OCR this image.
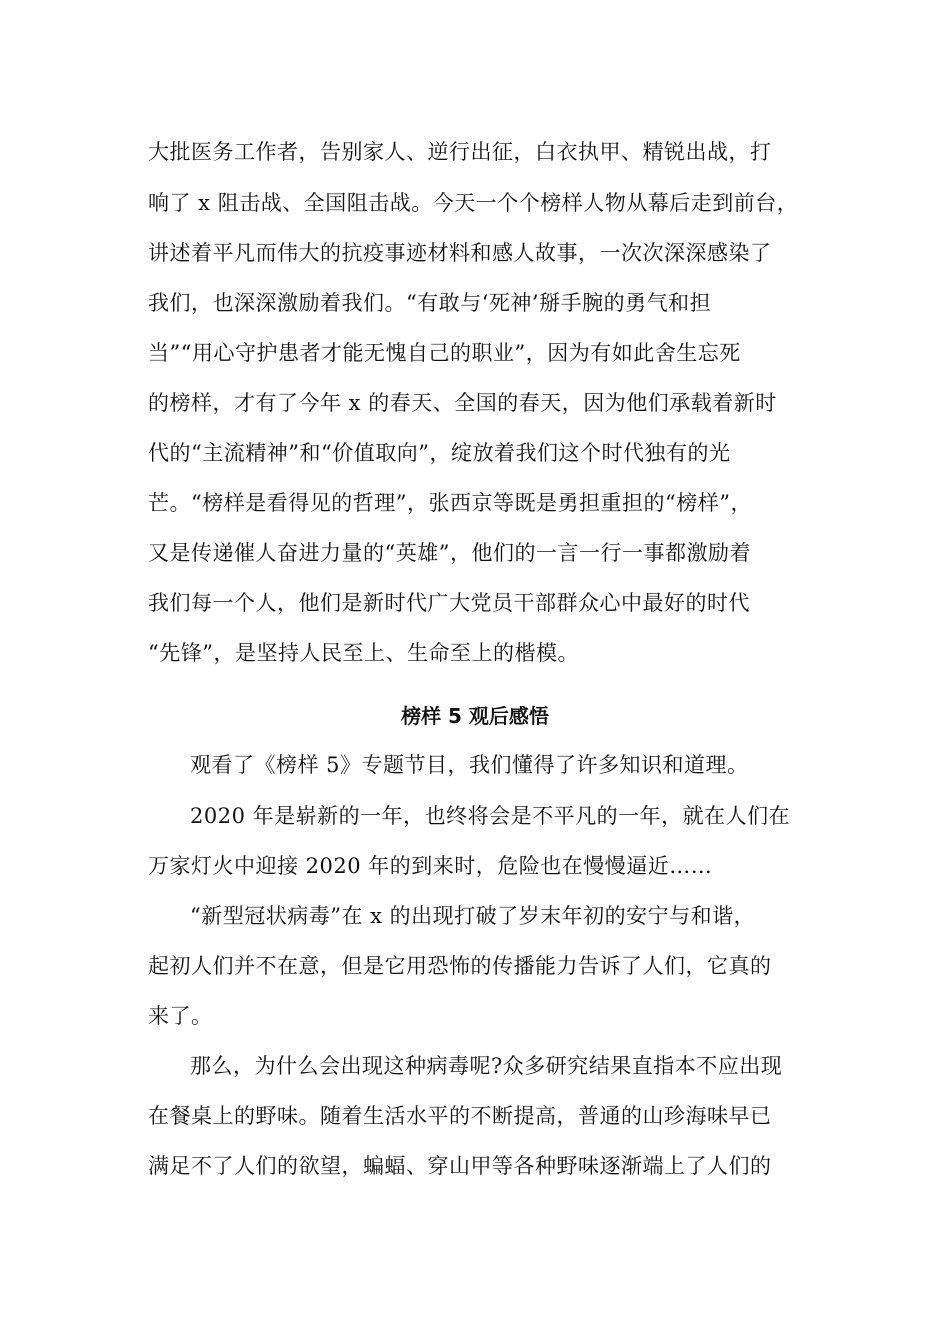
大批医务工作者，告别家人、逆行出征，白衣执甲、精锐出战，打
响了 x 阻击战、全国阻击战。今天一个个榜样人物从幕后走到前台，
讲述着平凡而伟大的抗疫事迹材料和感人故事，一次次深深感染了
我们，也深深激励着我们。“有敢与‘死神’掰手腕的勇气和担
当”“用心守护患者才能无愧自己的职业”，因为有如此舍生忘死
的榜样，才有了今年 x 的春天、全国的春天，因为他们承载着新时
代的“主流精神”和“价值取向”，绽放着我们这个时代独有的光
芒。“榜样是看得见的哲理”，张西京等既是勇担重担的“榜样”，
又是传递催人奋进力量的“英雄”，他们的一言一行一事都激励着
我们每一个人，他们是新时代广大党员干部群众心中最好的时代
“先锋”，是坚持人民至上、生命至上的楷模。
榜样 5 观后感悟
观看了《榜样 5》专题节目，我们懂得了许多知识和道理。
2020 年是崭新的一年，也终将会是不平凡的一年，就在人们在
万家灯火中迎接 2020 年的到来时，危险也在慢慢逼近……
“新型冠状病毒”在 x 的出现打破了岁末年初的安宁与和谐，
起初人们并不在意，但是它用恐怖的传播能力告诉了人们，它真的
来了。
那么，为什么会出现这种病毒呢?众多研究结果直指本不应出现
在餐桌上的野味。随着生活水平的不断提高，普通的山珍海味早已
满足不了人们的欲望，蝙蝠、穿山甲等各种野味逐渐端上了人们的
